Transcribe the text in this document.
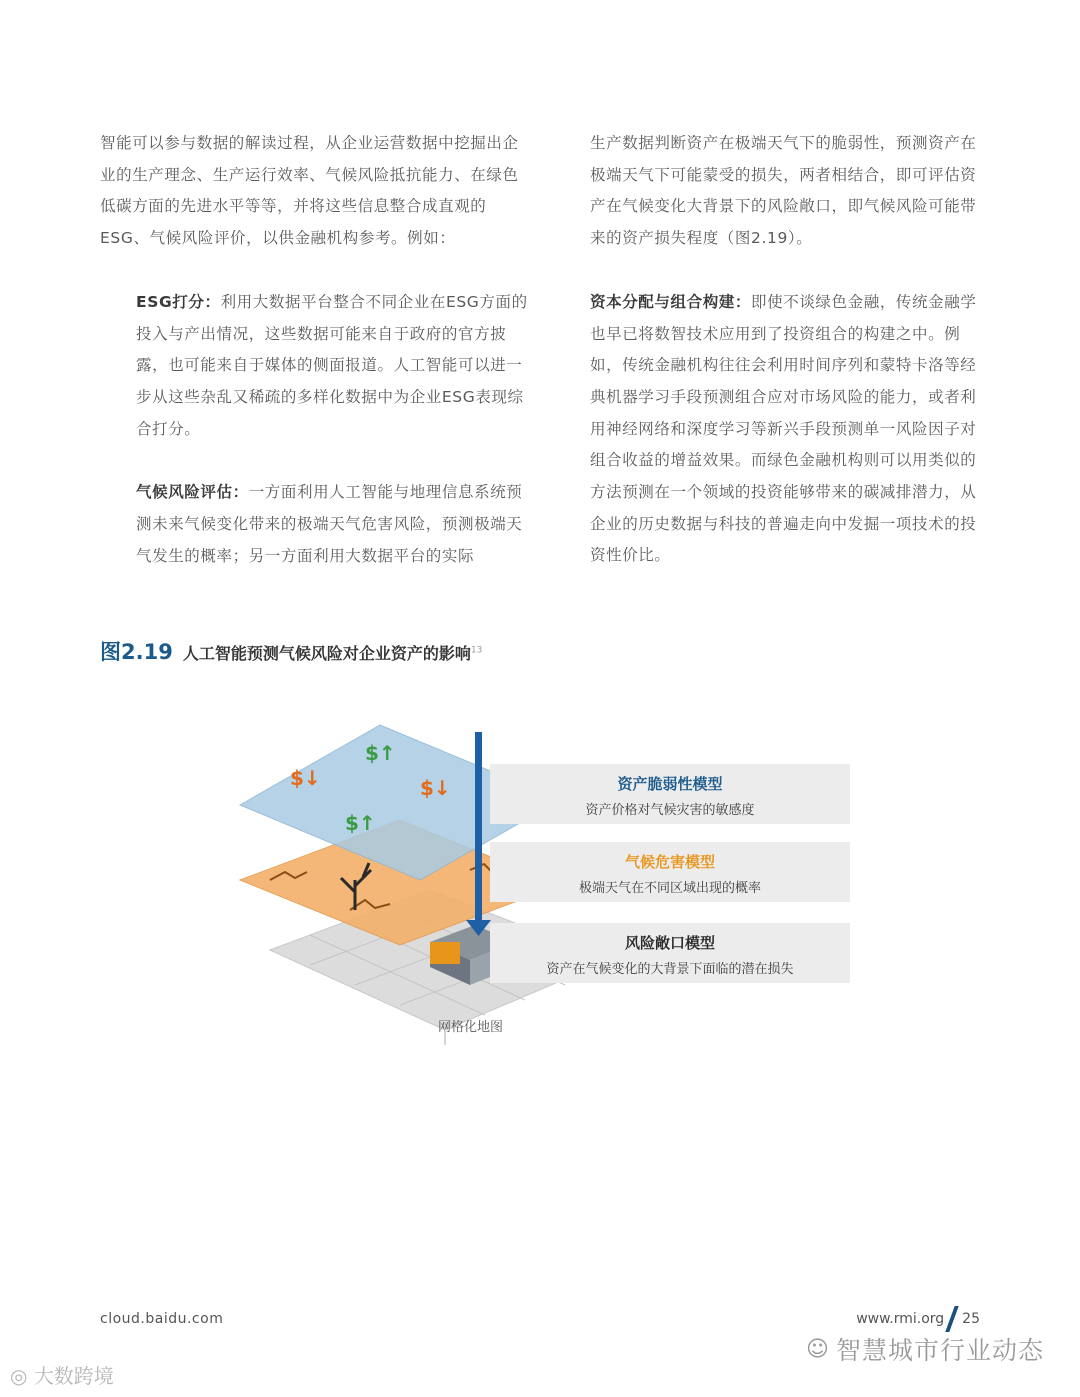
智能可以参与数据的解读过程，从企业运营数据中挖掘出企业的生产理念、生产运行效率、气候风险抵抗能力、在绿色低碳方面的先进水平等等，并将这些信息整合成直观的ESG、气候风险评价，以供金融机构参考。例如：

ESG打分：利用大数据平台整合不同企业在ESG方面的投入与产出情况，这些数据可能来自于政府的官方披露，也可能来自于媒体的侧面报道。人工智能可以进一步从这些杂乱又稀疏的多样化数据中为企业ESG表现综合打分。

气候风险评估：一方面利用人工智能与地理信息系统预测未来气候变化带来的极端天气危害风险，预测极端天气发生的概率；另一方面利用大数据平台的实际

生产数据判断资产在极端天气下的脆弱性，预测资产在极端天气下可能蒙受的损失，两者相结合，即可评估资产在气候变化大背景下的风险敞口，即气候风险可能带来的资产损失程度（图2.19）。

资本分配与组合构建：即使不谈绿色金融，传统金融学也早已将数智技术应用到了投资组合的构建之中。例如，传统金融机构往往会利用时间序列和蒙特卡洛等经典机器学习手段预测组合应对市场风险的能力，或者利用神经网络和深度学习等新兴手段预测单一风险因子对组合收益的增益效果。而绿色金融机构则可以用类似的方法预测在一个领域的投资能够带来的碳减排潜力，从企业的历史数据与科技的普遍走向中发掘一项技术的投资性价比。

图2.19 人工智能预测气候风险对企业资产的影响$^{13}$
$↓
$↑
$↓
$↑
资产脆弱性模型
资产价格对气候灾害的敏感度
气候危害模型
极端天气在不同区域出现的概率
风险敞口模型
资产在气候变化的大背景下面临的潜在损失
网格化地图
cloud.baidu.com	www.rmi.org 25
☺ 智慧城市行业动态
◎ 大数跨境
